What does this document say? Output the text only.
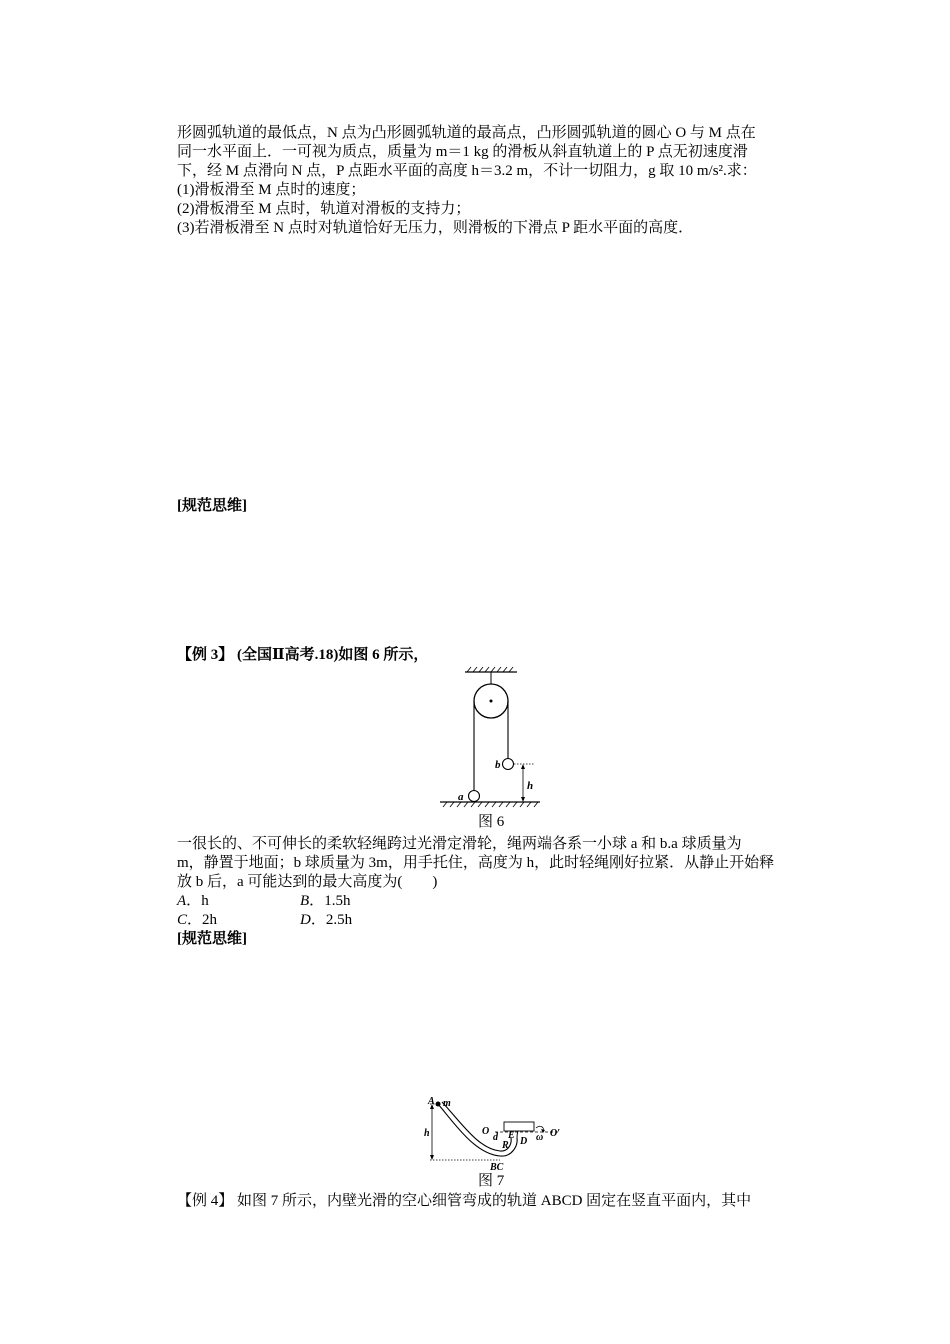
形圆弧轨道的最低点，N 点为凸形圆弧轨道的最高点，凸形圆弧轨道的圆心 O 与 M 点在
同一水平面上．一可视为质点，质量为 m＝1 kg 的滑板从斜直轨道上的 P 点无初速度滑
下，经 M 点滑向 N 点，P 点距水平面的高度 h＝3.2 m，不计一切阻力，g 取 10 m/s².求：
(1)滑板滑至 M 点时的速度；
(2)滑板滑至 M 点时，轨道对滑板的支持力；
(3)若滑板滑至 N 点时对轨道恰好无压力，则滑板的下滑点 P 距水平面的高度．
[规范思维]
【例 3】 (全国Ⅱ高考.18)如图 6 所示，
b
a
h
图 6
一很长的、不可伸长的柔软轻绳跨过光滑定滑轮，绳两端各系一小球 a 和 b.a 球质量为
m，静置于地面；b 球质量为 3m，用手托住，高度为 h，此时轻绳刚好拉紧．从静止开始释
放 b 后，a 可能达到的最大高度为(　　)
A．h	B．1.5h
C．2h	D．2.5h
[规范思维]
A m
h	O
d E
R D ω O′
BC
图 7
【例 4】 如图 7 所示，内壁光滑的空心细管弯成的轨道 ABCD 固定在竖直平面内，其中
